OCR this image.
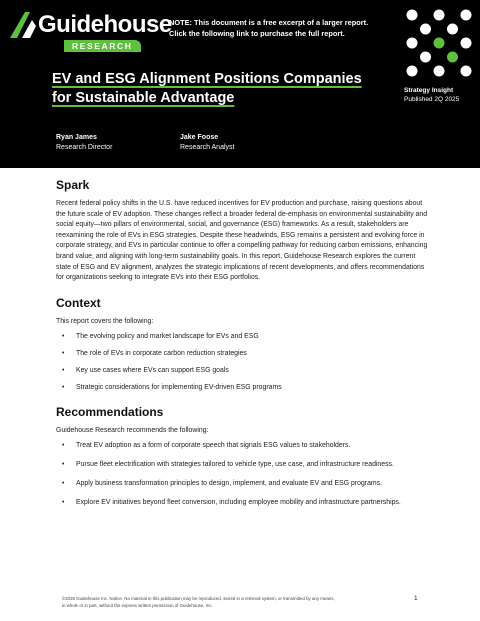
Guidehouse
RESEARCH
NOTE: This document is a free excerpt of a larger report.
Click the following link to purchase the full report.
EV and ESG Alignment Positions Companies
for Sustainable Advantage	Strategy Insight
Published 2Q 2025
Ryan James
Research Director
Jake Foose
Research Analyst
Spark

Recent federal policy shifts in the U.S. have reduced incentives for EV production and purchase, raising questions about the future scale of EV adoption. These changes reflect a broader federal de-emphasis on environmental sustainability and social equity—two pillars of environmental, social, and governance (ESG) frameworks. As a result, stakeholders are reexamining the role of EVs in ESG strategies. Despite these headwinds, ESG remains a persistent and evolving force in corporate strategy, and EVs in particular continue to offer a compelling pathway for reducing carbon emissions, enhancing brand value, and aligning with long-term sustainability goals. In this report, Guidehouse Research explores the current state of ESG and EV alignment, analyzes the strategic implications of recent developments, and offers recommendations for organizations seeking to integrate EVs into their ESG portfolios.

Context

This report covers the following:

• The evolving policy and market landscape for EVs and ESG
• The role of EVs in corporate carbon reduction strategies
• Key use cases where EVs can support ESG goals
• Strategic considerations for implementing EV-driven ESG programs
Recommendations

Guidehouse Research recommends the following:

• Treat EV adoption as a form of corporate speech that signals ESG values to stakeholders.
• Pursue fleet electrification with strategies tailored to vehicle type, use case, and infrastructure readiness.
• Apply business transformation principles to design, implement, and evaluate EV and ESG programs.
• Explore EV initiatives beyond fleet conversion, including employee mobility and infrastructure partnerships.
©2025 Guidehouse Inc. Notice: No material in this publication may be reproduced, stored in a retrieval system, or transmitted by any means,
in whole or in part, without the express written permission of Guidehouse, Inc.
1
